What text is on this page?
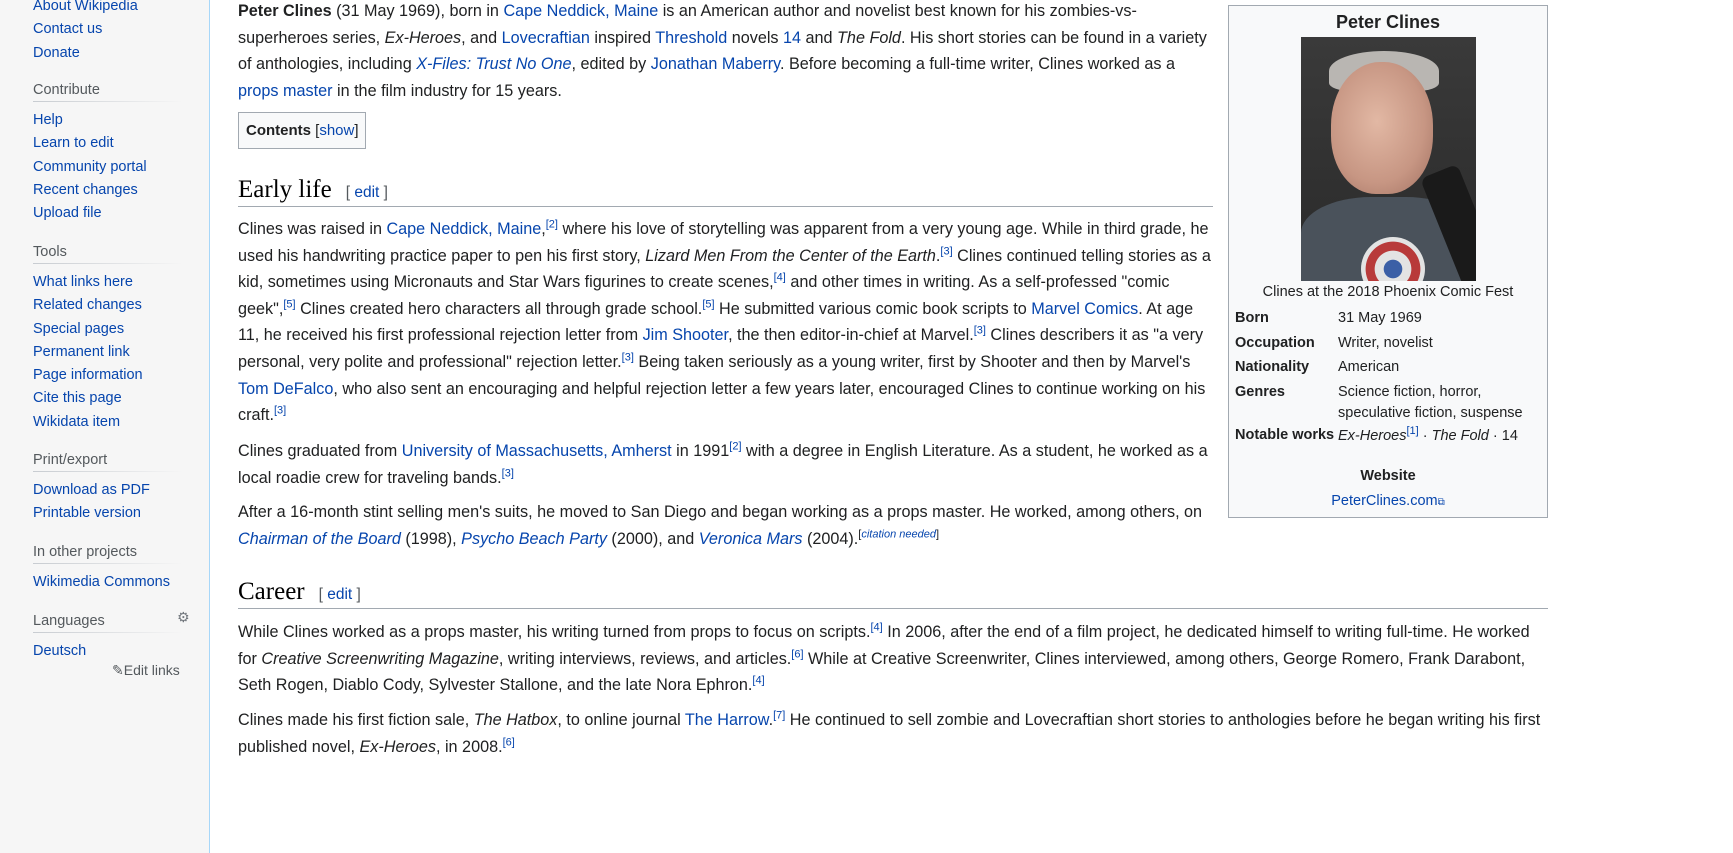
About Wikipedia
Contact us
Donate
Contribute
Help
Learn to edit
Community portal
Recent changes
Upload file
Tools
What links here
Related changes
Special pages
Permanent link
Page information
Cite this page
Wikidata item
Print/export
Download as PDF
Printable version
In other projects
Wikimedia Commons
Languages
Deutsch
⚙
✎Edit links

Peter Clines (31 May 1969), born in Cape Neddick, Maine is an American author and novelist best known for his zombies-vs-superheroes series, Ex-Heroes, and Lovecraftian inspired Threshold novels 14 and The Fold. His short stories can be found in a variety of anthologies, including X-Files: Trust No One, edited by Jonathan Maberry. Before becoming a full-time writer, Clines worked as a props master in the film industry for 15 years.

Contents [show]
Early life [ edit ]

Clines was raised in Cape Neddick, Maine,[2] where his love of storytelling was apparent from a very young age. While in third grade, he used his handwriting practice paper to pen his first story, Lizard Men From the Center of the Earth.[3] Clines continued telling stories as a kid, sometimes using Micronauts and Star Wars figurines to create scenes,[4] and other times in writing. As a self-professed "comic geek",[5] Clines created hero characters all through grade school.[5] He submitted various comic book scripts to Marvel Comics. At age 11, he received his first professional rejection letter from Jim Shooter, the then editor-in-chief at Marvel.[3] Clines describers it as "a very personal, very polite and professional" rejection letter.[3] Being taken seriously as a young writer, first by Shooter and then by Marvel's Tom DeFalco, who also sent an encouraging and helpful rejection letter a few years later, encouraged Clines to continue working on his craft.[3]

Clines graduated from University of Massachusetts, Amherst in 1991[2] with a degree in English Literature. As a student, he worked as a local roadie crew for traveling bands.[3]

After a 16-month stint selling men's suits, he moved to San Diego and began working as a props master. He worked, among others, on Chairman of the Board (1998), Psycho Beach Party (2000), and Veronica Mars (2004).[citation needed]

Career [ edit ]

While Clines worked as a props master, his writing turned from props to focus on scripts.[4] In 2006, after the end of a film project, he dedicated himself to writing full-time. He worked for Creative Screenwriting Magazine, writing interviews, reviews, and articles.[6] While at Creative Screenwriter, Clines interviewed, among others, George Romero, Frank Darabont, Seth Rogen, Diablo Cody, Sylvester Stallone, and the late Nora Ephron.[4]

Clines made his first fiction sale, The Hatbox, to online journal The Harrow.[7] He continued to sell zombie and Lovecraftian short stories to anthologies before he began writing his first published novel, Ex-Heroes, in 2008.[6]

Peter Clines
Clines at the 2018 Phoenix Comic Fest
Born	31 May 1969
Occupation	Writer, novelist
Nationality	American
Genres	Science fiction, horror, speculative fiction, suspense
Notable works Ex-Heroes[1] · The Fold · 14
Website
PeterClines.com⧉
